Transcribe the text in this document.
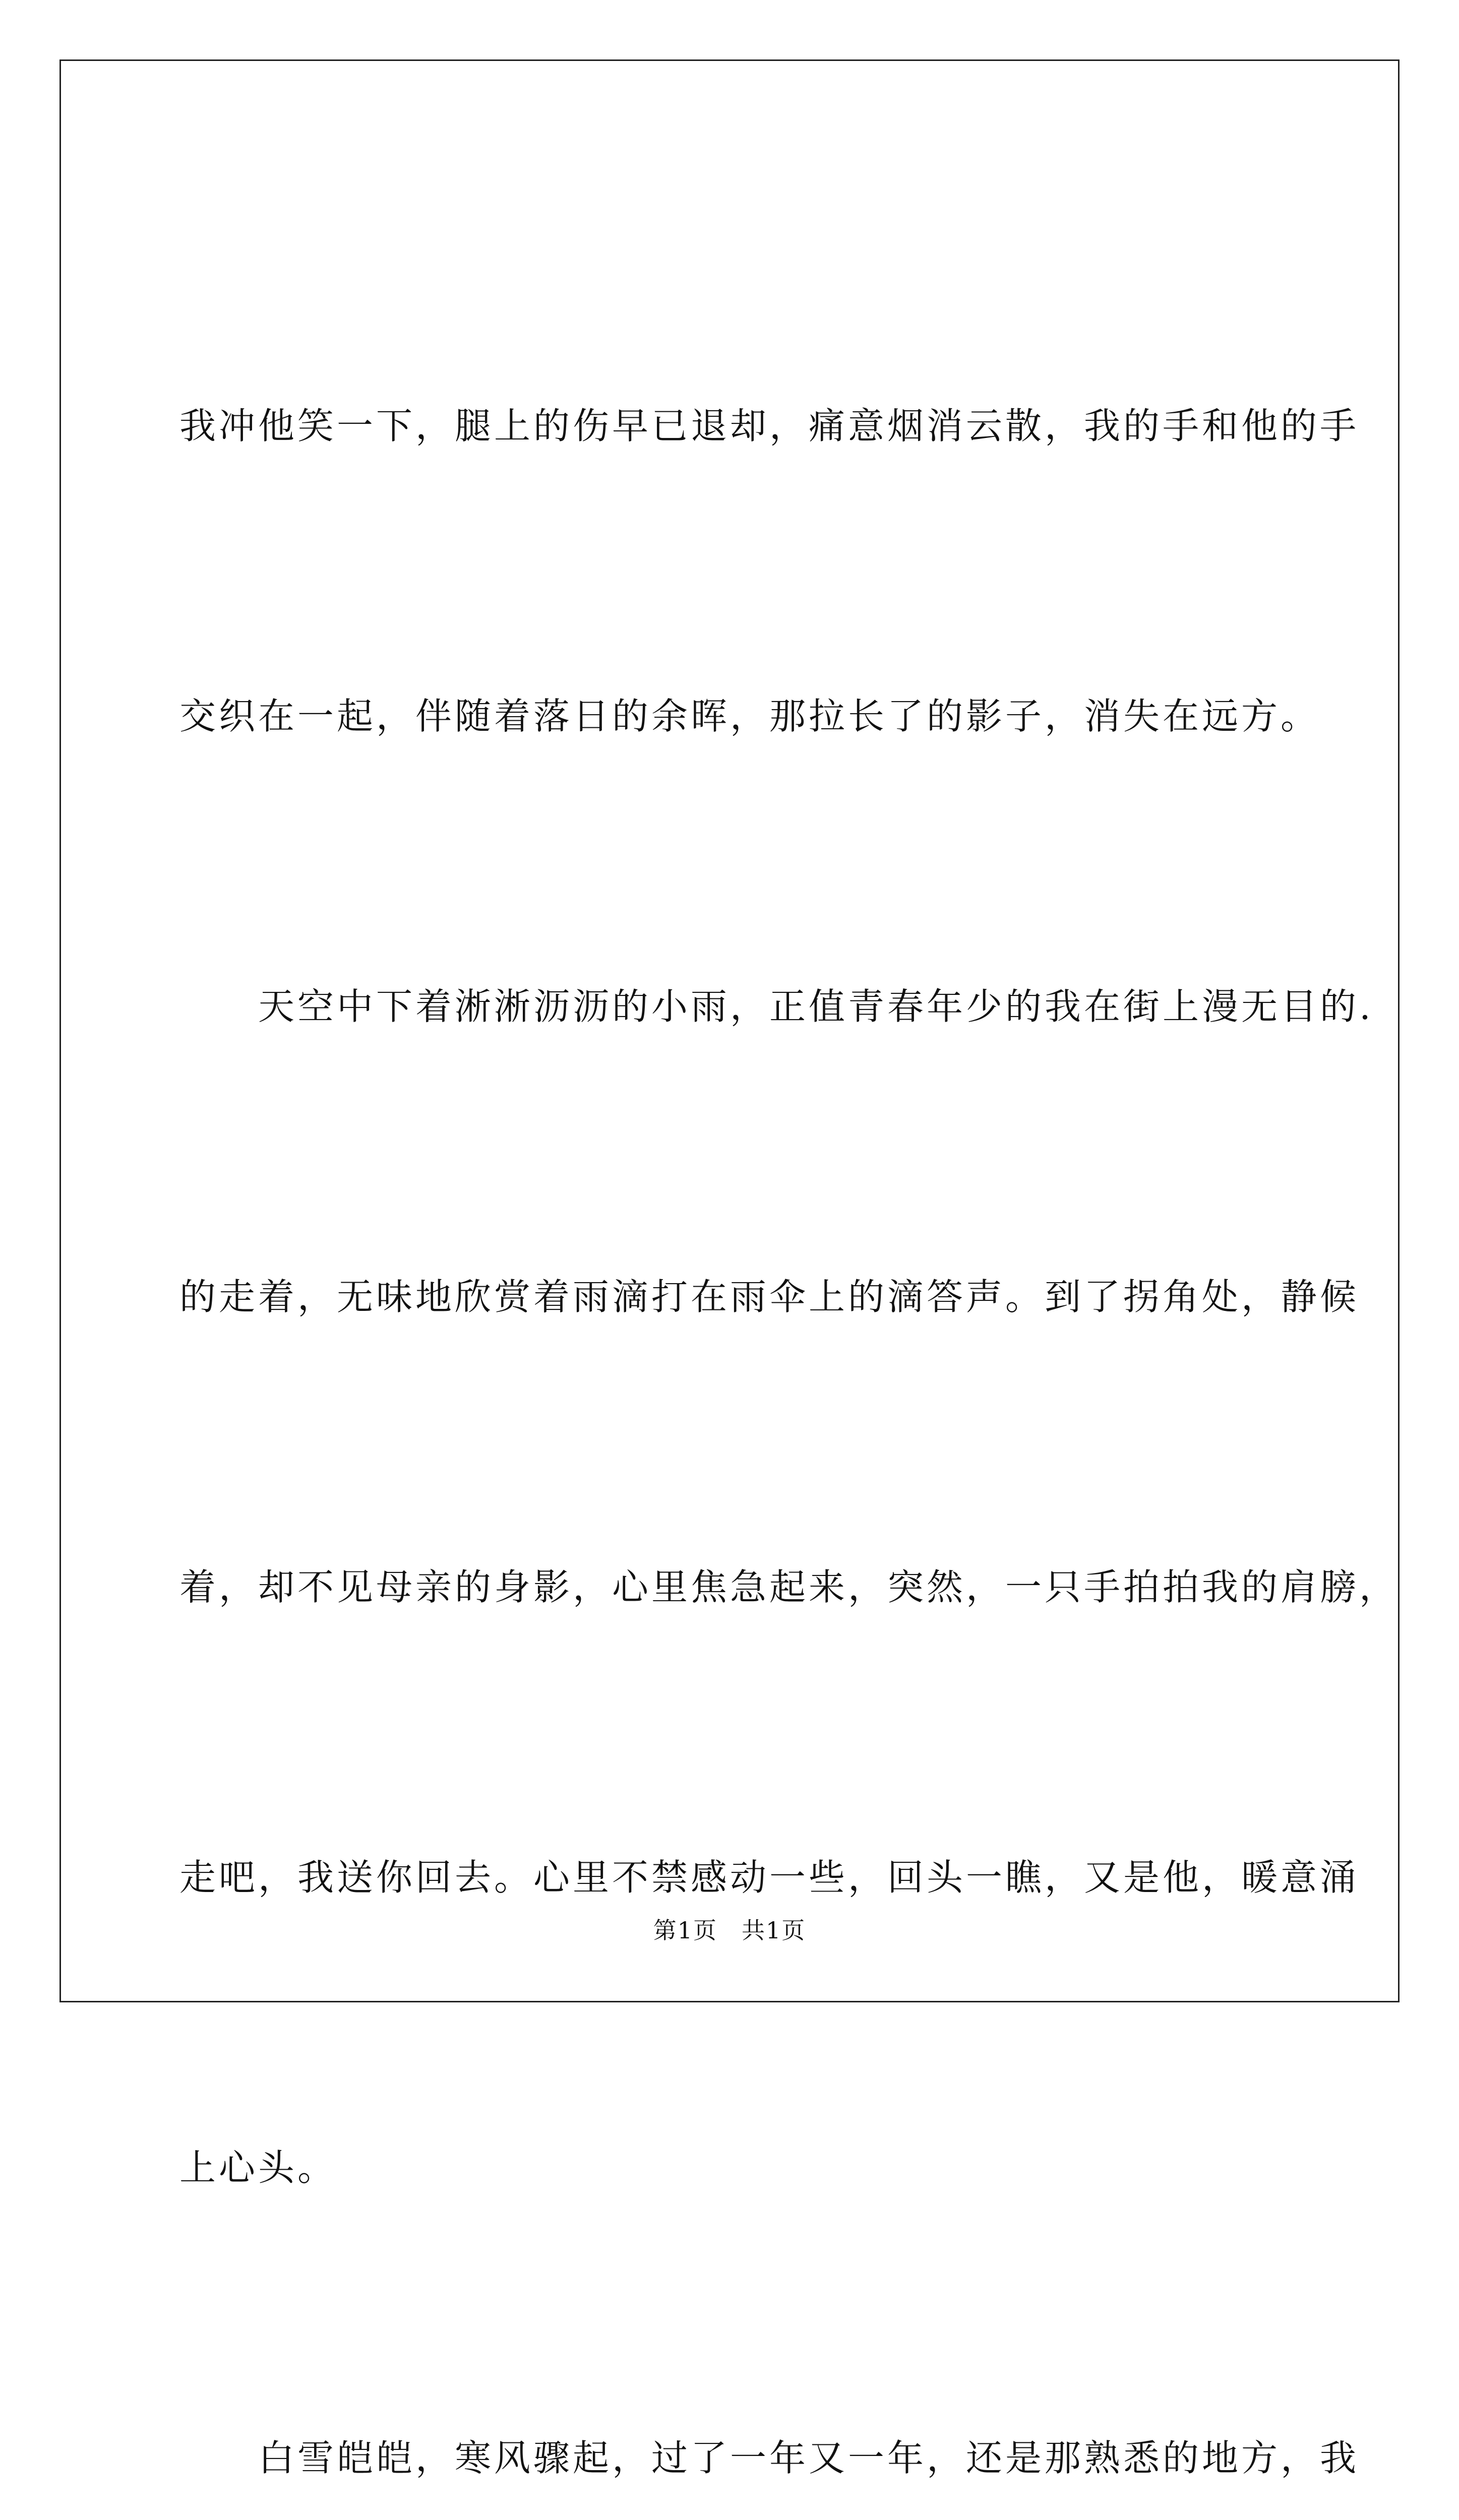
我冲他笑一下，腿上的伤早已退却，痛意烟消云散，我的手和他的手

交织在一起，伴随着落日的余晖，那拉长了的影子，消失在远方。

　　天空中下着淅淅沥沥的小雨，正值青春年少的我在街上漫无目的.

的走着，无味地欣赏着雨滴打在雨伞上的滴答声。到了拐角处，静候

着，却不见母亲的身影，心里焦急起来，突然，一只手拍拍我的肩膀，

走吧，我送你回去。心里不禁感动一些，回头一瞧，又是他，暖意涌

上心头。

　　白雪皑皑，寒风骤起，过了一年又一年，还是那熟悉的地方，我

第1页 共1页
